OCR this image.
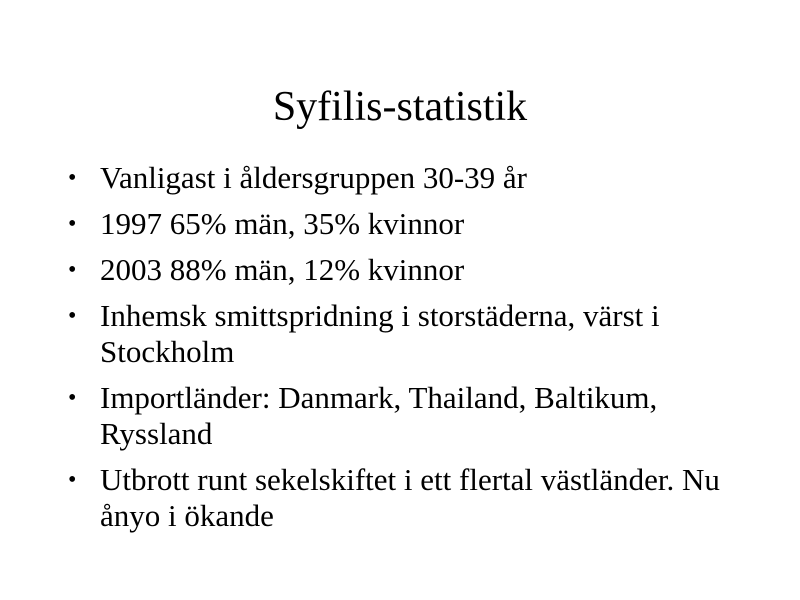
Syfilis-statistik
• Vanligast i åldersgruppen 30-39 år
• 1997 65% män, 35% kvinnor
• 2003 88% män, 12% kvinnor
• Inhemsk smittspridning i storstäderna, värst i Stockholm
• Importländer: Danmark, Thailand, Baltikum, Ryssland
• Utbrott runt sekelskiftet i ett flertal västländer. Nu ånyo i ökande
